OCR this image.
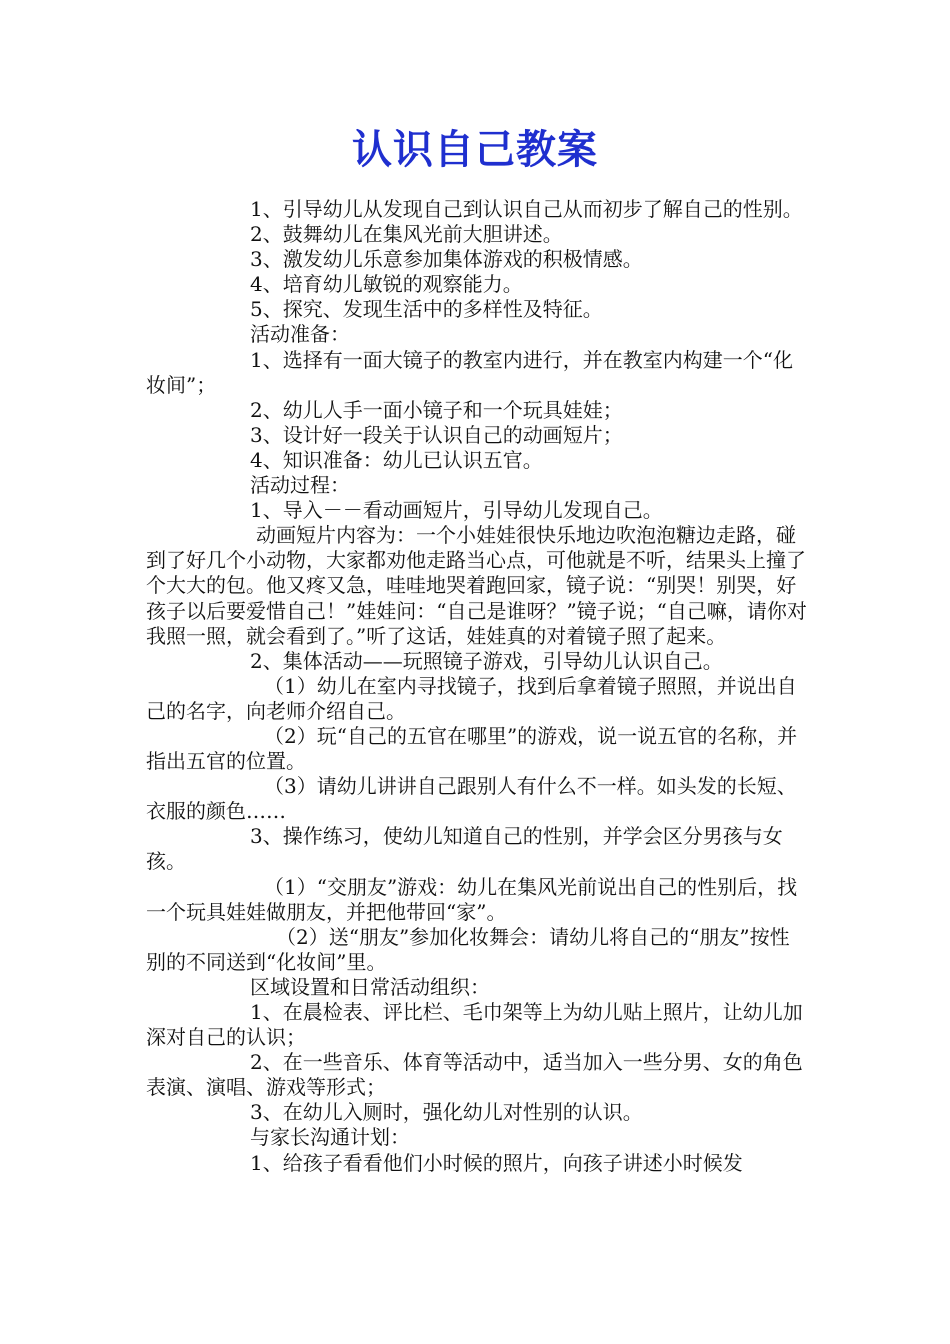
认识自己教案

1、引导幼儿从发现自己到认识自己从而初步了解自己的性别。

2、鼓舞幼儿在集风光前大胆讲述。

3、激发幼儿乐意参加集体游戏的积极情感。

4、培育幼儿敏锐的观察能力。

5、探究、发现生活中的多样性及特征。

活动准备：

1、选择有一面大镜子的教室内进行，并在教室内构建一个“化妆间”；

2、幼儿人手一面小镜子和一个玩具娃娃；

3、设计好一段关于认识自己的动画短片；

4、知识准备：幼儿已认识五官。

活动过程：

1、导入－－看动画短片，引导幼儿发现自己。

动画短片内容为：一个小娃娃很快乐地边吹泡泡糖边走路，碰到了好几个小动物，大家都劝他走路当心点，可他就是不听，结果头上撞了个大大的包。他又疼又急，哇哇地哭着跑回家，镜子说：“别哭！别哭，好孩子以后要爱惜自己！”娃娃问：“自己是谁呀？”镜子说；“自己嘛，请你对我照一照，就会看到了。”听了这话，娃娃真的对着镜子照了起来。

2、集体活动——玩照镜子游戏，引导幼儿认识自己。

（1）幼儿在室内寻找镜子，找到后拿着镜子照照，并说出自己的名字，向老师介绍自己。

（2）玩“自己的五官在哪里”的游戏，说一说五官的名称，并指出五官的位置。

（3）请幼儿讲讲自己跟别人有什么不一样。如头发的长短、衣服的颜色……

3、操作练习，使幼儿知道自己的性别，并学会区分男孩与女孩。

（1）“交朋友”游戏：幼儿在集风光前说出自己的性别后，找一个玩具娃娃做朋友，并把他带回“家”。

（2）送“朋友”参加化妆舞会：请幼儿将自己的“朋友”按性别的不同送到“化妆间”里。

区域设置和日常活动组织：

1、在晨检表、评比栏、毛巾架等上为幼儿贴上照片，让幼儿加深对自己的认识；

2、在一些音乐、体育等活动中，适当加入一些分男、女的角色表演、演唱、游戏等形式；

3、在幼儿入厕时，强化幼儿对性别的认识。

与家长沟通计划：

1、给孩子看看他们小时候的照片，向孩子讲述小时候发
